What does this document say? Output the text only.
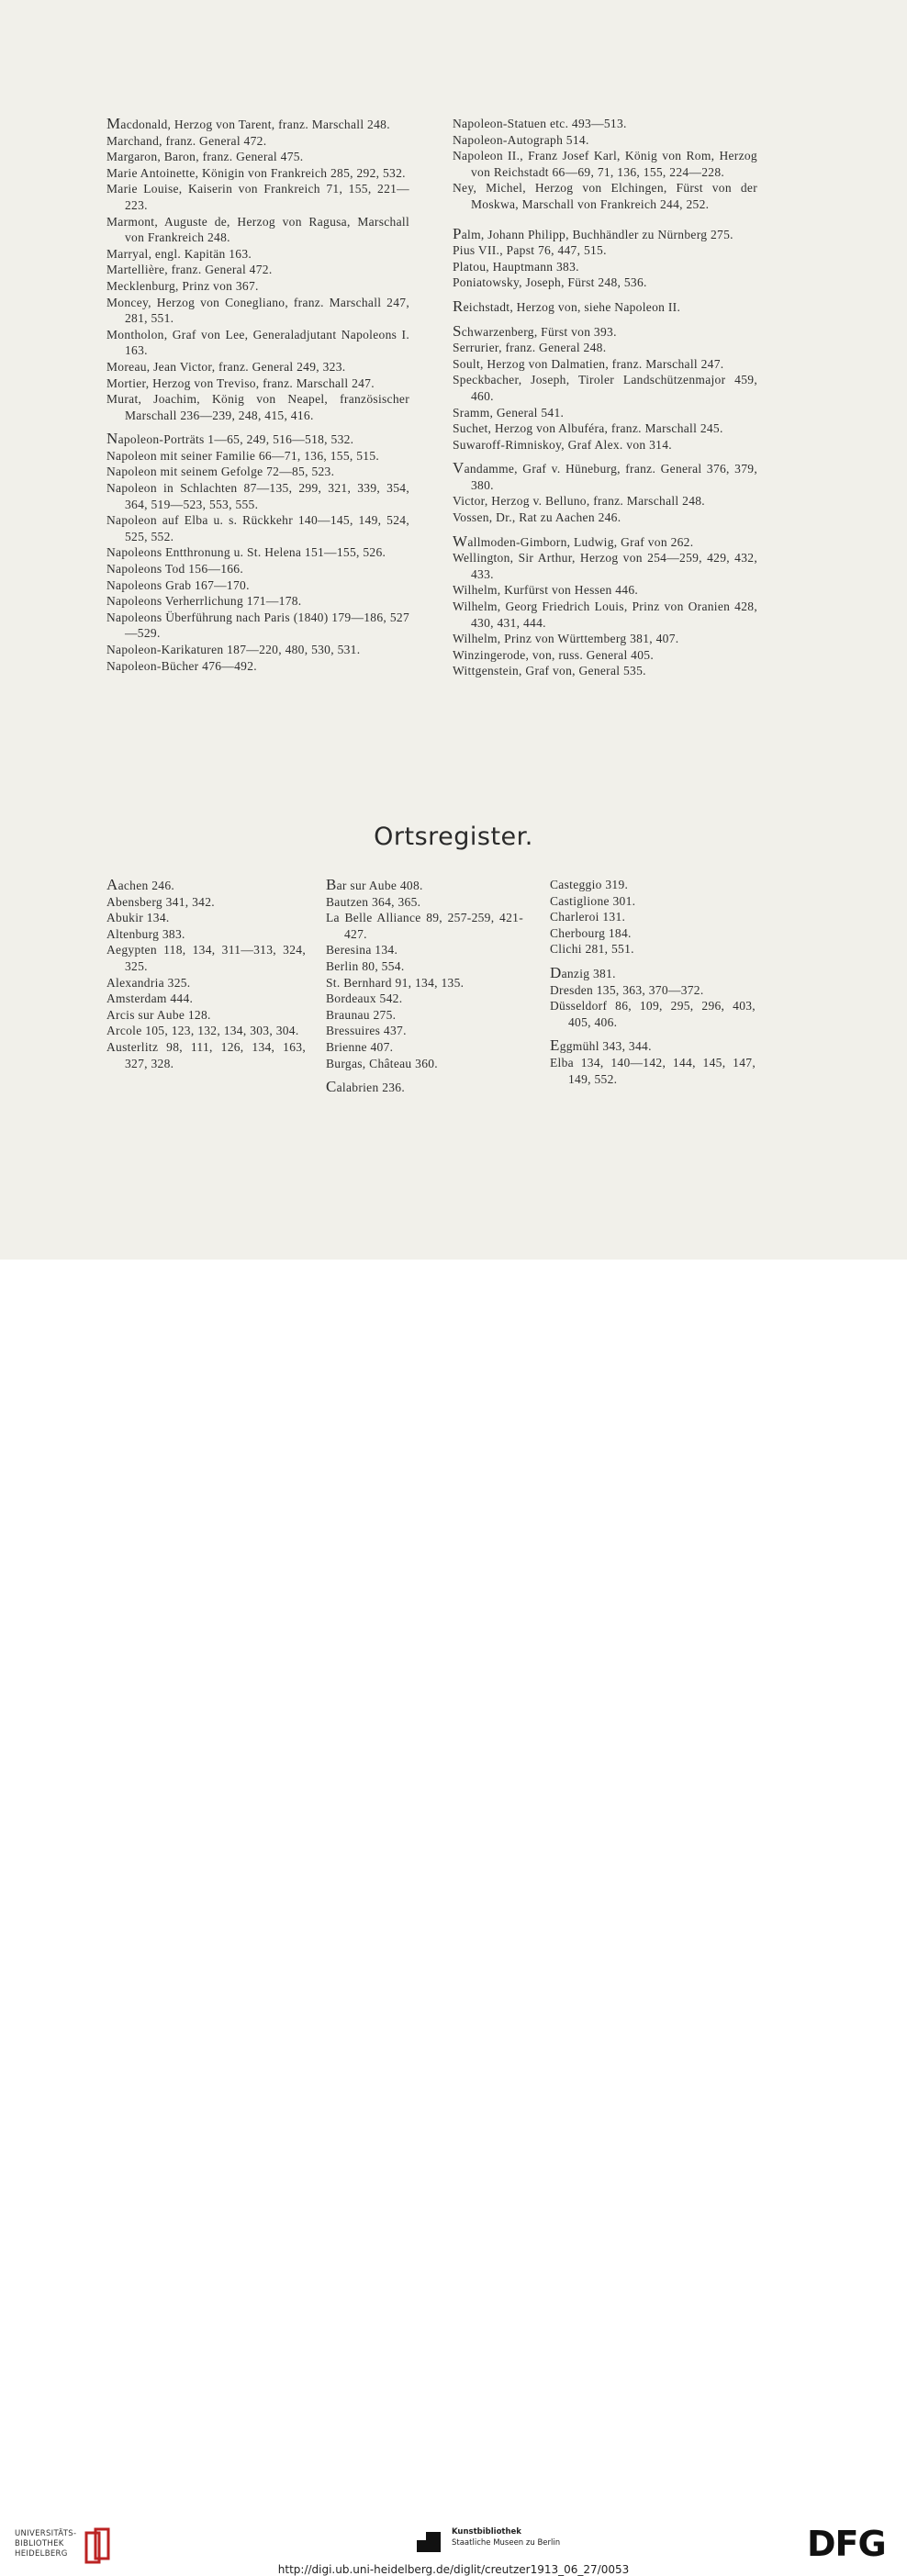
Macdonald, Herzog von Tarent, franz. Marschall 248.

Marchand, franz. General 472.

Margaron, Baron, franz. General 475.

Marie Antoinette, Königin von Frankreich 285, 292, 532.

Marie Louise, Kaiserin von Frankreich 71, 155, 221—223.

Marmont, Auguste de, Herzog von Ragusa, Marschall von Frankreich 248.

Marryal, engl. Kapitän 163.

Martellière, franz. General 472.

Mecklenburg, Prinz von 367.

Moncey, Herzog von Conegliano, franz. Marschall 247, 281, 551.

Montholon, Graf von Lee, Generaladjutant Napoleons I. 163.

Moreau, Jean Victor, franz. General 249, 323.

Mortier, Herzog von Treviso, franz. Marschall 247.

Murat, Joachim, König von Neapel, französischer Marschall 236—239, 248, 415, 416.

Napoleon-Porträts 1—65, 249, 516—518, 532.

Napoleon mit seiner Familie 66—71, 136, 155, 515.

Napoleon mit seinem Gefolge 72—85, 523.

Napoleon in Schlachten 87—135, 299, 321, 339, 354, 364, 519—523, 553, 555.

Napoleon auf Elba u. s. Rückkehr 140—145, 149, 524, 525, 552.

Napoleons Entthronung u. St. Helena 151—155, 526.

Napoleons Tod 156—166.

Napoleons Grab 167—170.

Napoleons Verherrlichung 171—178.

Napoleons Überführung nach Paris (1840) 179—186, 527—529.

Napoleon-Karikaturen 187—220, 480, 530, 531.

Napoleon-Bücher 476—492.

Napoleon-Statuen etc. 493—513.

Napoleon-Autograph 514.

Napoleon II., Franz Josef Karl, König von Rom, Herzog von Reichstadt 66—69, 71, 136, 155, 224—228.

Ney, Michel, Herzog von Elchingen, Fürst von der Moskwa, Marschall von Frankreich 244, 252.

Palm, Johann Philipp, Buchhändler zu Nürnberg 275.

Pius VII., Papst 76, 447, 515.

Platou, Hauptmann 383.

Poniatowsky, Joseph, Fürst 248, 536.

Reichstadt, Herzog von, siehe Napoleon II.

Schwarzenberg, Fürst von 393.

Serrurier, franz. General 248.

Soult, Herzog von Dalmatien, franz. Marschall 247.

Speckbacher, Joseph, Tiroler Landschützenmajor 459, 460.

Sramm, General 541.

Suchet, Herzog von Albuféra, franz. Marschall 245.

Suwaroff-Rimniskoy, Graf Alex. von 314.

Vandamme, Graf v. Hüneburg, franz. General 376, 379, 380.

Victor, Herzog v. Belluno, franz. Marschall 248.

Vossen, Dr., Rat zu Aachen 246.

Wallmoden-Gimborn, Ludwig, Graf von 262.

Wellington, Sir Arthur, Herzog von 254—259, 429, 432, 433.

Wilhelm, Kurfürst von Hessen 446.

Wilhelm, Georg Friedrich Louis, Prinz von Oranien 428, 430, 431, 444.

Wilhelm, Prinz von Württemberg 381, 407.

Winzingerode, von, russ. General 405.

Wittgenstein, Graf von, General 535.

Ortsregister.

Aachen 246.

Abensberg 341, 342.

Abukir 134.

Altenburg 383.

Aegypten 118, 134, 311—313, 324, 325.

Alexandria 325.

Amsterdam 444.

Arcis sur Aube 128.

Arcole 105, 123, 132, 134, 303, 304.

Austerlitz 98, 111, 126, 134, 163, 327, 328.

Bar sur Aube 408.

Bautzen 364, 365.

La Belle Alliance 89, 257-259, 421-427.

Beresina 134.

Berlin 80, 554.

St. Bernhard 91, 134, 135.

Bordeaux 542.

Braunau 275.

Bressuires 437.

Brienne 407.

Burgas, Château 360.

Calabrien 236.

Casteggio 319.

Castiglione 301.

Charleroi 131.

Cherbourg 184.

Clichi 281, 551.

Danzig 381.

Dresden 135, 363, 370—372.

Düsseldorf 86, 109, 295, 296, 403, 405, 406.

Eggmühl 343, 344.

Elba 134, 140—142, 144, 145, 147, 149, 552.

UNIVERSITÄTS-
BIBLIOTHEK
HEIDELBERG
Kunstbibliothek
Staatliche Museen zu Berlin	DFG
http://digi.ub.uni-heidelberg.de/diglit/creutzer1913_06_27/0053
